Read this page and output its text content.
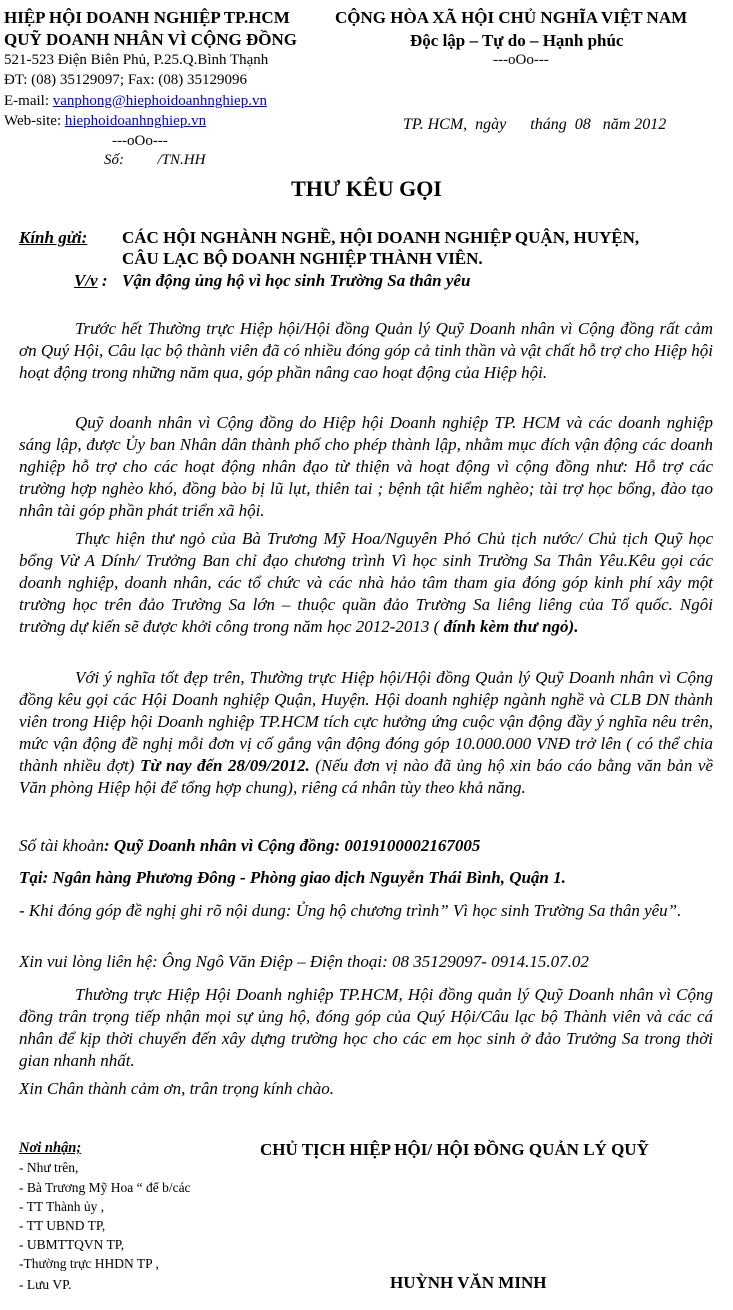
HIỆP HỘI DOANH NGHIỆP TP.HCM
QUỸ DOANH NHÂN VÌ CỘNG ĐỒNG
521-523 Điện Biên Phủ, P.25.Q.Bình Thạnh
ĐT: (08) 35129097; Fax: (08) 35129096
E-mail: vanphong@hiephoidoanhnghiep.vn
Web-site: hiephoidoanhnghiep.vn
---oOo---
Số: /TN.HH
CỘNG HÒA XÃ HỘI CHỦ NGHĨA VIỆT NAM
Độc lập – Tự do – Hạnh phúc
---oOo---
TP. HCM,  ngày      tháng  08   năm 2012
THƯ KÊU GỌI
Kính gửi: CÁC HỘI NGHÀNH NGHỀ, HỘI DOANH NGHIỆP QUẬN, HUYỆN,
CÂU LẠC BỘ DOANH NGHIỆP THÀNH VIÊN.
V/v : Vận động ủng hộ vì học sinh Trường Sa thân yêu
Trước hết Thường trực Hiệp hội/Hội đồng Quản lý Quỹ Doanh nhân vì Cộng đồng rất cảm ơn Quý Hội, Câu lạc bộ thành viên đã có nhiều đóng góp cả tinh thần và vật chất hỗ trợ cho Hiệp hội hoạt động trong những năm qua, góp phần nâng cao hoạt động của Hiệp hội.
Quỹ doanh nhân vì Cộng đồng do Hiệp hội Doanh nghiệp TP. HCM và các doanh nghiệp sáng lập, được Ủy ban Nhân dân thành phố cho phép thành lập, nhằm mục đích vận động các doanh nghiệp hỗ trợ cho các hoạt động nhân đạo từ thiện và hoạt động vì cộng đồng như: Hỗ trợ các trường hợp nghèo khó, đồng bào bị lũ lụt, thiên tai ; bệnh tật hiểm nghèo; tài trợ học bổng, đào tạo nhân tài góp phần phát triển xã hội.
Thực hiện thư ngỏ của Bà Trương Mỹ Hoa/Nguyên Phó Chủ tịch nước/ Chủ tịch Quỹ học bổng Vừ A Dính/ Trưởng Ban chỉ đạo chương trình Vì học sinh Trường Sa Thân Yêu.Kêu gọi các doanh nghiệp, doanh nhân, các tổ chức và các nhà hảo tâm tham gia đóng góp kinh phí xây một trường học trên đảo Trường Sa lớn – thuộc quần đảo Trường Sa liêng liêng của Tổ quốc. Ngôi trường dự kiến sẽ được khởi công trong năm học 2012-2013 ( đính kèm thư ngỏ).
Với ý nghĩa tốt đẹp trên, Thường trực Hiệp hội/Hội đồng Quản lý Quỹ Doanh nhân vì Cộng đồng kêu gọi các Hội Doanh nghiệp Quận, Huyện. Hội doanh nghiệp ngành nghề và CLB DN thành viên trong Hiệp hội Doanh nghiệp TP.HCM tích cực hưởng ứng cuộc vận động đầy ý nghĩa nêu trên, mức vận động đề nghị mỗi đơn vị cố gắng vận động đóng góp 10.000.000 VNĐ trở lên ( có thể chia thành nhiều đợt) Từ nay đến 28/09/2012. (Nếu đơn vị nào đã ủng hộ xin báo cáo bằng văn bản về Văn phòng Hiệp hội để tổng hợp chung), riêng cá nhân tùy theo khả năng.
Số tài khoản: Quỹ Doanh nhân vì Cộng đồng: 0019100002167005
Tại: Ngân hàng Phương Đông - Phòng giao dịch Nguyễn Thái Bình, Quận 1.
- Khi đóng góp đề nghị ghi rõ nội dung: Ủng hộ chương trình” Vì học sinh Trường Sa thân yêu”.
Xin vui lòng liên hệ: Ông Ngô Văn Điệp – Điện thoại: 08 35129097- 0914.15.07.02
Thường trực Hiệp Hội Doanh nghiệp TP.HCM, Hội đồng quản lý Quỹ Doanh nhân vì Cộng đồng trân trọng tiếp nhận mọi sự ủng hộ, đóng góp của Quý Hội/Câu lạc bộ Thành viên và các cá nhân để kịp thời chuyển đến xây dựng trường học cho các em học sinh ở đảo Trưởng Sa trong thời gian nhanh nhất.
Xin Chân thành cảm ơn, trân trọng kính chào.
Nơi nhận;
- Như trên,
- Bà Trương Mỹ Hoa “ để b/các
- TT Thành ủy ,
- TT UBND TP,
- UBMTTQVN TP,
-Thường trực HHDN TP ,
- Lưu VP.
CHỦ TỊCH HIỆP HỘI/ HỘI ĐỒNG QUẢN LÝ QUỸ
HUỲNH VĂN MINH
